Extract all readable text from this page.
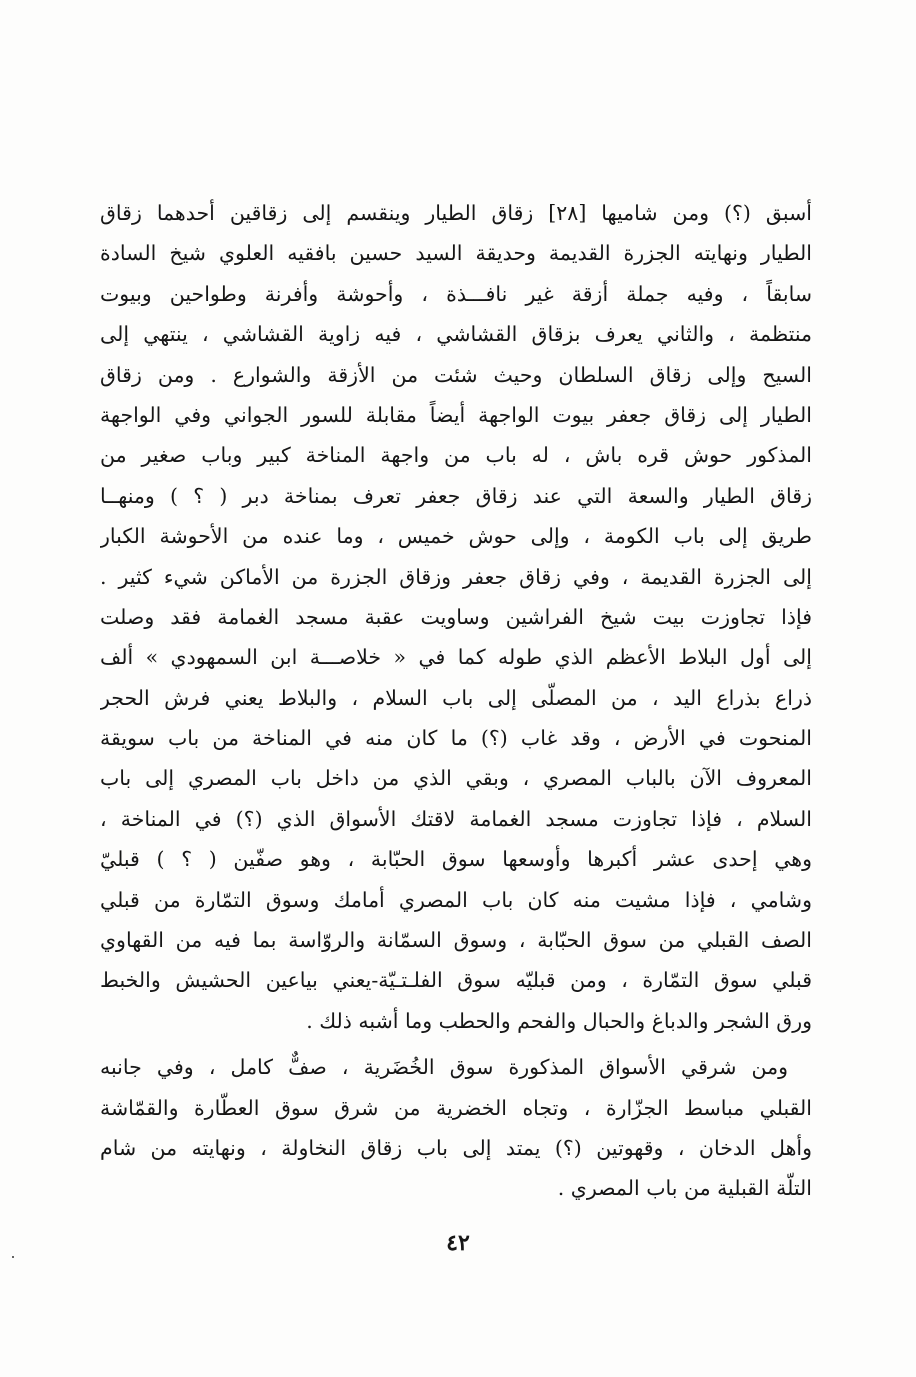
أسبق (؟) ومن شاميها [٢٨] زقاق الطيار وينقسم إلى زقاقين أحدهما زقاق
الطيار ونهايته الجزرة القديمة وحديقة السيد حسين بافقيه العلوي شيخ السادة
سابقاً ، وفيه جملة أزقة غير نافـــذة ، وأحوشة وأفرنة وطواحين وبيوت
منتظمة ، والثاني يعرف بزقاق القشاشي ، فيه زاوية القشاشي ، ينتهي إلى
السيح وإلى زقاق السلطان وحيث شئت من الأزقة والشوارع . ومن زقاق
الطيار إلى زقاق جعفر بيوت الواجهة أيضاً مقابلة للسور الجواني وفي الواجهة
المذكور حوش قره باش ، له باب من واجهة المناخة كبير وباب صغير من
زقاق الطيار والسعة التي عند زقاق جعفر تعرف بمناخة دبر ( ؟ ) ومنهــا
طريق إلى باب الكومة ، وإلى حوش خميس ، وما عنده من الأحوشة الكبار
إلى الجزرة القديمة ، وفي زقاق جعفر وزقاق الجزرة من الأماكن شيء كثير .
فإذا تجاوزت بيت شيخ الفراشين وساويت عقبة مسجد الغمامة فقد وصلت
إلى أول البلاط الأعظم الذي طوله كما في « خلاصـــة ابن السمهودي » ألف
ذراع بذراع اليد ، من المصلّى إلى باب السلام ، والبلاط يعني فرش الحجر
المنحوت في الأرض ، وقد غاب (؟) ما كان منه في المناخة من باب سويقة
المعروف الآن بالباب المصري ، وبقي الذي من داخل باب المصري إلى باب
السلام ، فإذا تجاوزت مسجد الغمامة لاقتك الأسواق الذي (؟) في المناخة ،
وهي إحدى عشر أكبرها وأوسعها سوق الحبّابة ، وهو صفّين ( ؟ ) قبليّ
وشامي ، فإذا مشيت منه كان باب المصري أمامك وسوق التمّارة من قبلي
الصف القبلي من سوق الحبّابة ، وسوق السمّانة والروّاسة بما فيه من القهاوي
قبلي سوق التمّارة ، ومن قبليّه سوق الفلـتـيّة-يعني بياعين الحشيش والخبط
ورق الشجر والدباغ والحبال والفحم والحطب وما أشبه ذلك .
ومن شرقي الأسواق المذكورة سوق الخُضَرية ، صفٌّ كامل ، وفي جانبه
القبلي مباسط الجزّارة ، وتجاه الخضرية من شرق سوق العطّارة والقمّاشة
وأهل الدخان ، وقهوتين (؟) يمتد إلى باب زقاق النخاولة ، ونهايته من شام
التلّة القبلية من باب المصري .
٤٢
